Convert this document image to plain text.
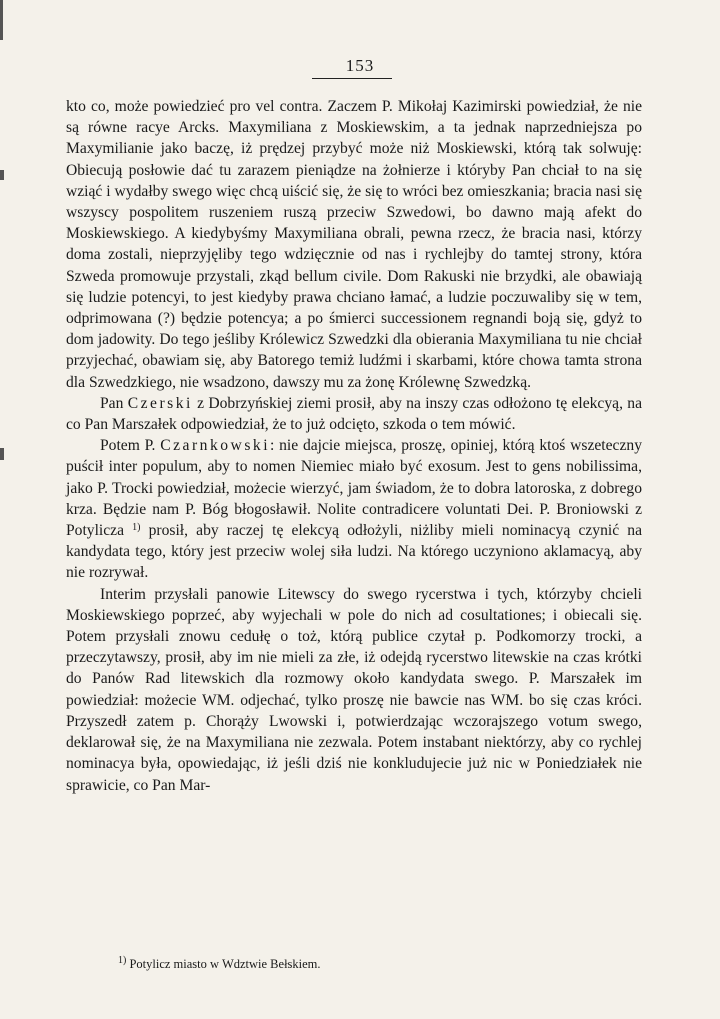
153

kto co, może powiedzieć pro vel contra. Zaczem P. Mikołaj Kazimirski powiedział, że nie są równe racye Arcks. Maxymiliana z Moskiewskim, a ta jednak naprzedniejsza po Maxymilianie jako baczę, iż prędzej przybyć może niż Moskiewski, którą tak solwuję: Obiecują posłowie dać tu zarazem pieniądze na żołnierze i któryby Pan chciał to na się wziąć i wydałby swego więc chcą uiścić się, że się to wróci bez omieszkania; bracia nasi się wszyscy pospolitem ruszeniem ruszą przeciw Szwedowi, bo dawno mają afekt do Moskiewskiego. A kiedybyśmy Maxymiliana obrali, pewna rzecz, że bracia nasi, którzy doma zostali, nieprzyjęliby tego wdzięcznie od nas i rychlejby do tamtej strony, która Szweda promowuje przystali, zkąd bellum civile. Dom Rakuski nie brzydki, ale obawiają się ludzie potencyi, to jest kiedyby prawa chciano łamać, a ludzie poczuwaliby się w tem, odprimowana (?) będzie potencya; a po śmierci successionem regnandi boją się, gdyż to dom jadowity. Do tego jeśliby Królewicz Szwedzki dla obierania Maxymiliana tu nie chciał przyjechać, obawiam się, aby Batorego temiż ludźmi i skarbami, które chowa tamta strona dla Szwedzkiego, nie wsadzono, dawszy mu za żonę Królewnę Szwedzką.

Pan Czerski z Dobrzyńskiej ziemi prosił, aby na inszy czas odłożono tę elekcyą, na co Pan Marszałek odpowiedział, że to już odcięto, szkoda o tem mówić.

Potem P. Czarnkowski: nie dajcie miejsca, proszę, opiniej, którą ktoś wszeteczny puścił inter populum, aby to nomen Niemiec miało być exosum. Jest to gens nobilissima, jako P. Trocki powiedział, możecie wierzyć, jam świadom, że to dobra latoroska, z dobrego krza. Będzie nam P. Bóg błogosławił. Nolite contradicere voluntati Dei. P. Broniowski z Potylicza $^{1)}$ prosił, aby raczej tę elekcyą odłożyli, niżliby mieli nominacyą czynić na kandydata tego, który jest przeciw wolej siła ludzi. Na którego uczyniono aklamacyą, aby nie rozrywał.

Interim przysłali panowie Litewscy do swego rycerstwa i tych, którzyby chcieli Moskiewskiego poprzeć, aby wyjechali w pole do nich ad cosultationes; i obiecali się. Potem przysłali znowu cedułę o toż, którą publice czytał p. Podkomorzy trocki, a przeczytawszy, prosił, aby im nie mieli za złe, iż odejdą rycerstwo litewskie na czas krótki do Panów Rad litewskich dla rozmowy około kandydata swego. P. Marszałek im powiedział: możecie WM. odjechać, tylko proszę nie bawcie nas WM. bo się czas króci. Przyszedł zatem p. Chorąży Lwowski i, potwierdzając wczorajszego votum swego, deklarował się, że na Maxymiliana nie zezwala. Potem instabant niektórzy, aby co rychlej nominacya była, opowiedając, iż jeśli dziś nie konkludujecie już nic w Poniedziałek nie sprawicie, co Pan Mar-

$^{1)}$ Potylicz miasto w Wdztwie Bełskiem.
